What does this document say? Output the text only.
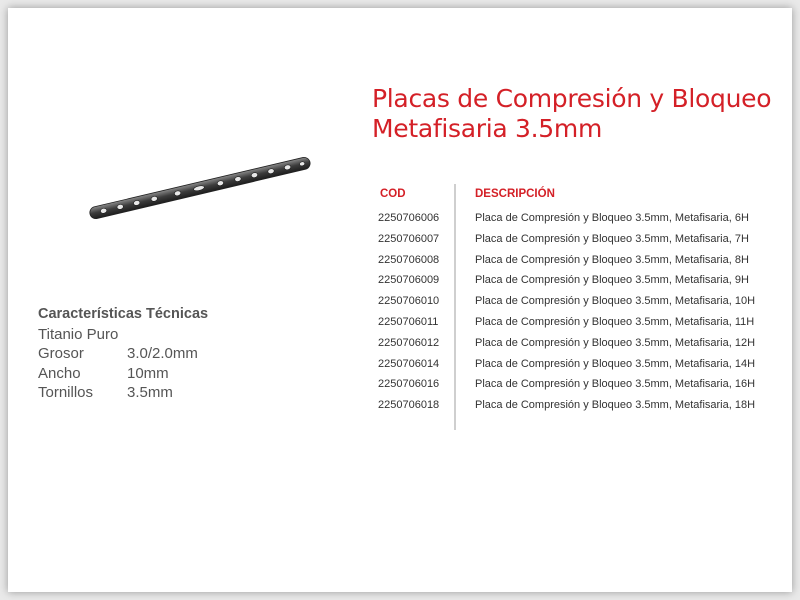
Placas de Compresión y Bloqueo
Metafisaria 3.5mm
Características Técnicas
Titanio Puro
Grosor	3.0/2.0mm
Ancho	10mm
Tornillos	3.5mm
COD	DESCRIPCIÓN
2250706006	Placa de Compresión y Bloqueo 3.5mm, Metafisaria, 6H
2250706007	Placa de Compresión y Bloqueo 3.5mm, Metafisaria, 7H
2250706008	Placa de Compresión y Bloqueo 3.5mm, Metafisaria, 8H
2250706009	Placa de Compresión y Bloqueo 3.5mm, Metafisaria, 9H
2250706010	Placa de Compresión y Bloqueo 3.5mm, Metafisaria, 10H
2250706011	Placa de Compresión y Bloqueo 3.5mm, Metafisaria, 11H
2250706012	Placa de Compresión y Bloqueo 3.5mm, Metafisaria, 12H
2250706014	Placa de Compresión y Bloqueo 3.5mm, Metafisaria, 14H
2250706016	Placa de Compresión y Bloqueo 3.5mm, Metafisaria, 16H
2250706018	Placa de Compresión y Bloqueo 3.5mm, Metafisaria, 18H
